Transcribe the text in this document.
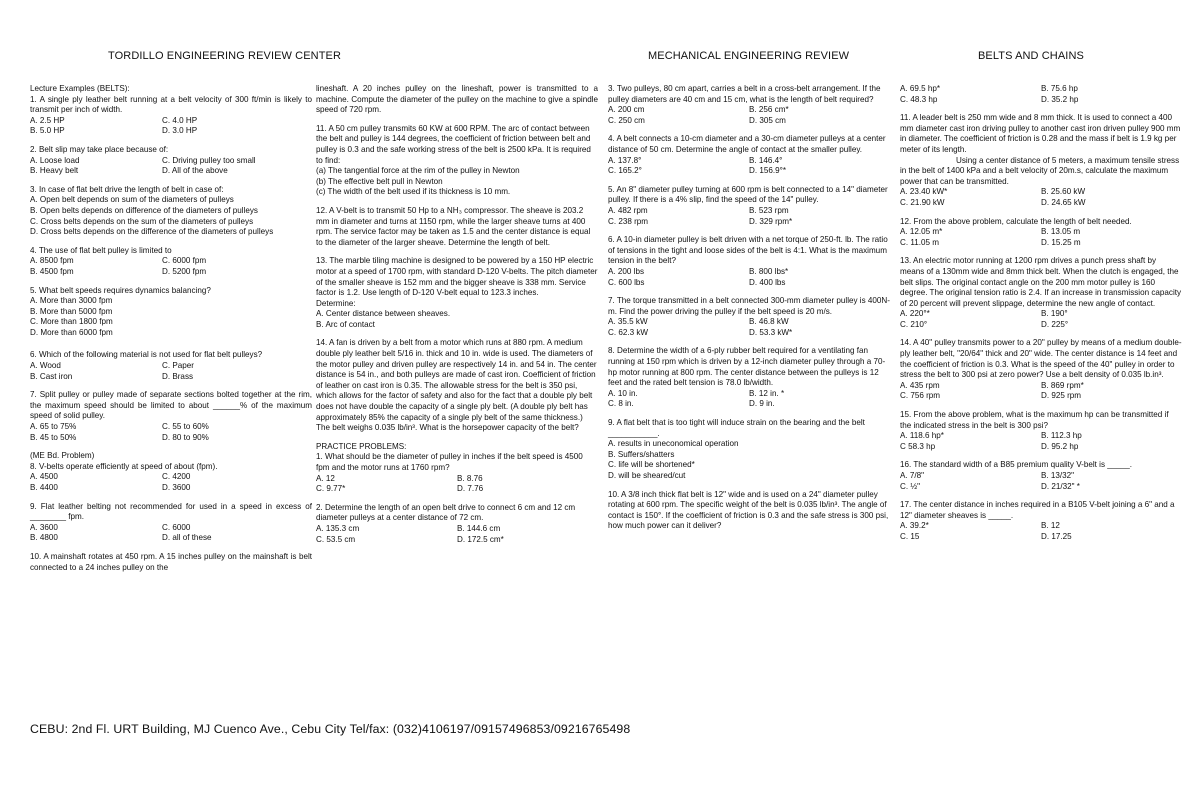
TORDILLO ENGINEERING REVIEW CENTER	MECHANICAL ENGINEERING REVIEW	BELTS AND CHAINS

Lecture Examples (BELTS):

1. A single ply leather belt running at a belt velocity of 300 ft/min is likely to transmit per inch of width.

A. 2.5 HP	C. 4.0 HP
B. 5.0 HP	D. 3.0 HP

2. Belt slip may take place because of:

A. Loose load	C. Driving pulley too small
B. Heavy belt	D. All of the above

3. In case of flat belt drive the length of belt in case of:

A. Open belt depends on sum of the diameters of pulleys

B. Open belts depends on difference of the diameters of pulleys

C. Cross belts depends on the sum of the diameters of pulleys

D. Cross belts depends on the difference of the diameters of pulleys

4. The use of flat belt pulley is limited to

A. 8500 fpm	C. 6000 fpm
B. 4500 fpm	D. 5200 fpm

5. What belt speeds requires dynamics balancing?

A. More than 3000 fpm

B. More than 5000 fpm

C. More than 1800 fpm

D. More than 6000 fpm

6. Which of the following material is not used for flat belt pulleys?

A. Wood	C. Paper
B. Cast iron	D. Brass

7. Split pulley or pulley made of separate sections bolted together at the rim, the maximum speed should be limited to about ______% of the maximum speed of solid pulley.

A. 65 to 75%	C. 55 to 60%
B. 45 to 50%	D. 80 to 90%

(ME Bd. Problem)

8. V-belts operate efficiently at speed of about (fpm).

A. 4500	C. 4200
B. 4400	D. 3600

9. Flat leather belting not recommended for used in a speed in excess of ________ fpm.

A. 3600	C. 6000
B. 4800	D. all of these

10. A mainshaft rotates at 450 rpm. A 15 inches pulley on the mainshaft is belt connected to a 24 inches pulley on the

lineshaft. A 20 inches pulley on the lineshaft, power is transmitted to a machine. Compute the diameter of the pulley on the machine to give a spindle speed of 720 rpm.

11. A 50 cm pulley transmits 60 KW at 600 RPM. The arc of contact between the belt and pulley is 144 degrees, the coefficient of friction between belt and pulley is 0.3 and the safe working stress of the belt is 2500 kPa. It is required to find:

(a) The tangential force at the rim of the pulley in Newton

(b) The effective belt pull in Newton

(c) The width of the belt used if its thickness is 10 mm.

12. A V-belt is to transmit 50 Hp to a NH₃ compressor. The sheave is 203.2 mm in diameter and turns at 1150 rpm, while the larger sheave turns at 400 rpm. The service factor may be taken as 1.5 and the center distance is equal to the diameter of the larger sheave. Determine the length of belt.

13. The marble tiling machine is designed to be powered by a 150 HP electric motor at a speed of 1700 rpm, with standard D-120 V-belts. The pitch diameter of the smaller sheave is 152 mm and the bigger sheave is 338 mm. Service factor is 1.2. Use length of D-120 V-belt equal to 123.3 inches.

Determine:

A. Center distance between sheaves.

B. Arc of contact

14. A fan is driven by a belt from a motor which runs at 880 rpm. A medium double ply leather belt 5/16 in. thick and 10 in. wide is used. The diameters of the motor pulley and driven pulley are respectively 14 in. and 54 in. The center distance is 54 in., and both pulleys are made of cast iron. Coefficient of friction of leather on cast iron is 0.35. The allowable stress for the belt is 350 psi, which allows for the factor of safety and also for the fact that a double ply belt does not have double the capacity of a single ply belt. (A double ply belt has approximately 85% the capacity of a single ply belt of the same thickness.) The belt weighs 0.035 lb/in³. What is the horsepower capacity of the belt?

PRACTICE PROBLEMS:

1. What should be the diameter of pulley in inches if the belt speed is 4500 fpm and the motor runs at 1760 rpm?

A. 12	B. 8.76
C. 9.77*	D. 7.76

2. Determine the length of an open belt drive to connect 6 cm and 12 cm diameter pulleys at a center distance of 72 cm.

A. 135.3 cm	B. 144.6 cm
C. 53.5 cm	D. 172.5 cm*

3. Two pulleys, 80 cm apart, carries a belt in a cross-belt arrangement. If the pulley diameters are 40 cm and 15 cm, what is the length of belt required?

A. 200 cm	B. 256 cm*
C. 250 cm	D. 305 cm

4. A belt connects a 10-cm diameter and a 30-cm diameter pulleys at a center distance of 50 cm. Determine the angle of contact at the smaller pulley.

A. 137.8°	B. 146.4°
C. 165.2°	D. 156.9°*

5. An 8" diameter pulley turning at 600 rpm is belt connected to a 14" diameter pulley. If there is a 4% slip, find the speed of the 14" pulley.

A. 482 rpm	B. 523 rpm
C. 238 rpm	D. 329 rpm*

6. A 10-in diameter pulley is belt driven with a net torque of 250-ft. lb. The ratio of tensions in the tight and loose sides of the belt is 4:1. What is the maximum tension in the belt?

A. 200 lbs	B. 800 lbs*
C. 600 lbs	D. 400 lbs

7. The torque transmitted in a belt connected 300-mm diameter pulley is 400N-m. Find the power driving the pulley if the belt speed is 20 m/s.

A. 35.5 kW	B. 46.8 kW
C. 62.3 kW	D. 53.3 kW*

8. Determine the width of a 6-ply rubber belt required for a ventilating fan running at 150 rpm which is driven by a 12-inch diameter pulley through a 70-hp motor running at 800 rpm. The center distance between the pulleys is 12 feet and the rated belt tension is 78.0 lb/width.

A. 10 in.	B. 12 in. *
C. 8 in.	D. 9 in.

9. A flat belt that is too tight will induce strain on the bearing and the belt ___________.

A. results in uneconomical operation

B. Suffers/shatters

C. life will be shortened*

D. will be sheared/cut

10. A 3/8 inch thick flat belt is 12" wide and is used on a 24" diameter pulley rotating at 600 rpm. The specific weight of the belt is 0.035 lb/in³. The angle of contact is 150°. If the coefficient of friction is 0.3 and the safe stress is 300 psi, how much power can it deliver?

A. 69.5 hp*	B. 75.6 hp
C. 48.3 hp	D. 35.2 hp

11. A leader belt is 250 mm wide and 8 mm thick. It is used to connect a 400 mm diameter cast iron driving pulley to another cast iron driven pulley 900 mm in diameter. The coefficient of friction is 0.28 and the mass if belt is 1.9 kg per meter of its length.

Using a center distance of 5 meters, a maximum tensile stress in the belt of 1400 kPa and a belt velocity of 20m.s, calculate the maximum power that can be transmitted.

A. 23.40 kW*	B. 25.60 kW
C. 21.90 kW	D. 24.65 kW

12. From the above problem, calculate the length of belt needed.

A. 12.05 m*	B. 13.05 m
C. 11.05 m	D. 15.25 m

13. An electric motor running at 1200 rpm drives a punch press shaft by means of a 130mm wide and 8mm thick belt. When the clutch is engaged, the belt slips. The original contact angle on the 200 mm motor pulley is 160 degree. The original tension ratio is 2.4. If an increase in transmission capacity of 20 percent will prevent slippage, determine the new angle of contact.

A. 220°*	B. 190°
C. 210°	D. 225°

14. A 40" pulley transmits power to a 20" pulley by means of a medium double-ply leather belt, "20/64" thick and 20" wide. The center distance is 14 feet and the coefficient of friction is 0.3. What is the speed of the 40" pulley in order to stress the belt to 300 psi at zero power? Use a belt density of 0.035 lb.in³.

A. 435 rpm	B. 869 rpm*
C. 756 rpm	D. 925 rpm

15. From the above problem, what is the maximum hp can be transmitted if the indicated stress in the belt is 300 psi?

A. 118.6 hp*	B. 112.3 hp
C 58.3 hp	D. 95.2 hp

16. The standard width of a B85 premium quality V-belt is _____.

A. 7/8"	B. 13/32"
C. ½"	D. 21/32" *

17. The center distance in inches required in a B105 V-belt joining a 6" and a 12" diameter sheaves is _____.

A. 39.2*	B. 12
C. 15	D. 17.25
CEBU: 2nd Fl. URT Building, MJ Cuenco Ave., Cebu City Tel/fax: (032)4106197/09157496853/09216765498
